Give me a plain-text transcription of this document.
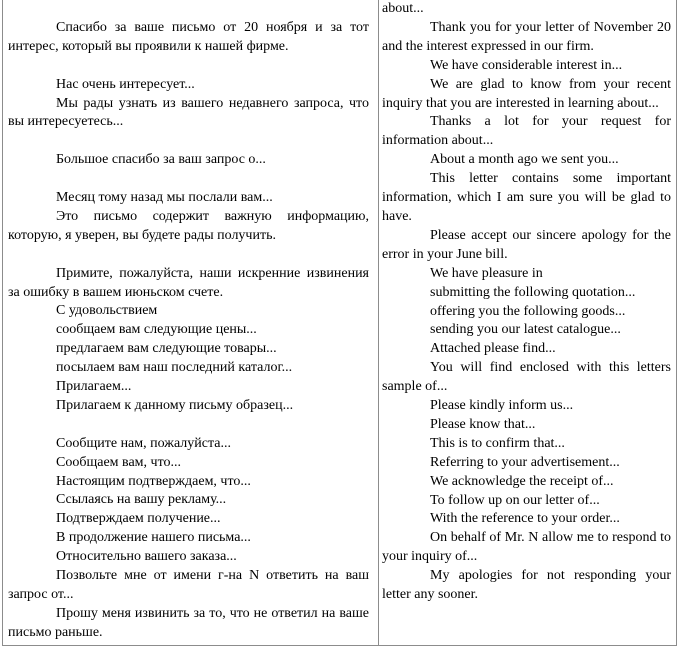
Спасибо за ваше письмо от 20 ноября и за тот интерес, который вы проявили к нашей фирме.
Нас очень интересует...
Мы рады узнать из вашего недавнего запроса, что вы интересуетесь...
Большое спасибо за ваш запрос о...
Месяц тому назад мы послали вам...
Это письмо содержит важную информацию, которую, я уверен, вы будете рады получить.
Примите, пожалуйста, наши искренние извинения за ошибку в вашем июньском счете.
С удовольствием
сообщаем вам следующие цены...
предлагаем вам следующие товары...
посылаем вам наш последний каталог...
Прилагаем...
Прилагаем к данному письму образец...
Сообщите нам, пожалуйста...
Сообщаем вам, что...
Настоящим подтверждаем, что...
Ссылаясь на вашу рекламу...
Подтверждаем получение...
В продолжение нашего письма...
Относительно вашего заказа...
Позвольте мне от имени г-на N ответить на ваш запрос от...
Прошу меня извинить за то, что не ответил на ваше письмо раньше.
about...
Thank you for your letter of November 20 and the interest expressed in our firm.
We have considerable interest in...
We are glad to know from your recent inquiry that you are interested in learning about...
Thanks a lot for your request for information about...
About a month ago we sent you...
This letter contains some important information, which I am sure you will be glad to have.
Please accept our sincere apology for the error in your June bill.
We have pleasure in
submitting the following quotation...
offering you the following goods...
sending you our latest catalogue...
Attached please find...
You will find enclosed with this letters sample of...
Please kindly inform us...
Please know that...
This is to confirm that...
Referring to your advertisement...
We acknowledge the receipt of...
To follow up on our letter of...
With the reference to your order...
On behalf of Mr. N allow me to respond to your inquiry of...
My apologies for not responding your letter any sooner.
